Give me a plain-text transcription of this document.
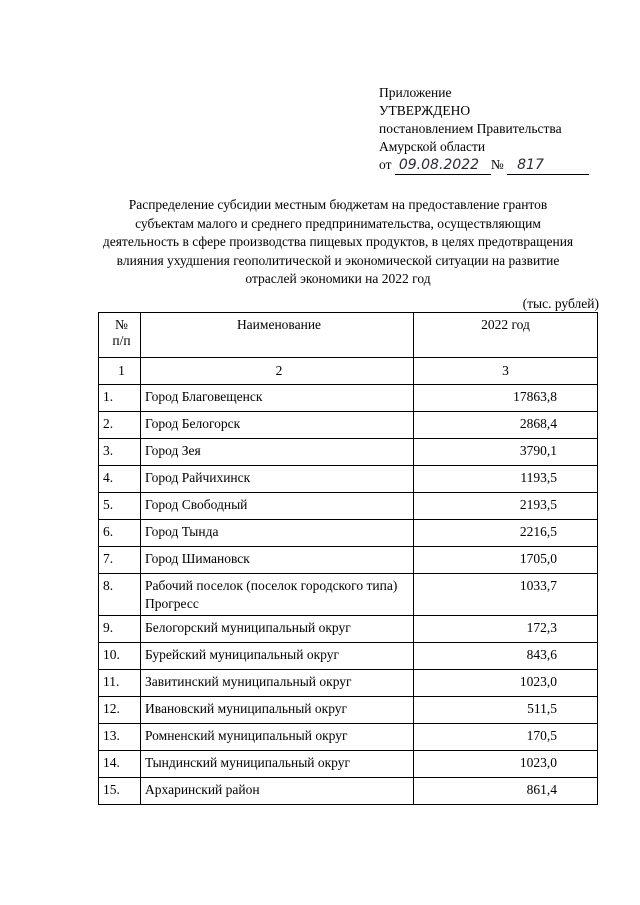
Приложение
УТВЕРЖДЕНО
постановлением Правительства
Амурской области
от 09.08.2022 № 817
Распределение субсидии местным бюджетам на предоставление грантов субъектам малого и среднего предпринимательства, осуществляющим деятельность в сфере производства пищевых продуктов, в целях предотвращения влияния ухудшения геополитической и экономической ситуации на развитие отраслей экономики на 2022 год
(тыс. рублей)
№
п/п	Наименование	2022 год
1	2	3
1.	Город Благовещенск	17863,8
2.	Город Белогорск	2868,4
3.	Город Зея	3790,1
4.	Город Райчихинск	1193,5
5.	Город Свободный	2193,5
6.	Город Тында	2216,5
7.	Город Шимановск	1705,0
8.	Рабочий поселок (поселок городского типа) Прогресс	1033,7
9.	Белогорский муниципальный округ	172,3
10.	Бурейский муниципальный округ	843,6
11.	Завитинский муниципальный округ	1023,0
12.	Ивановский муниципальный округ	511,5
13.	Ромненский муниципальный округ	170,5
14.	Тындинский муниципальный округ	1023,0
15.	Архаринский район	861,4
